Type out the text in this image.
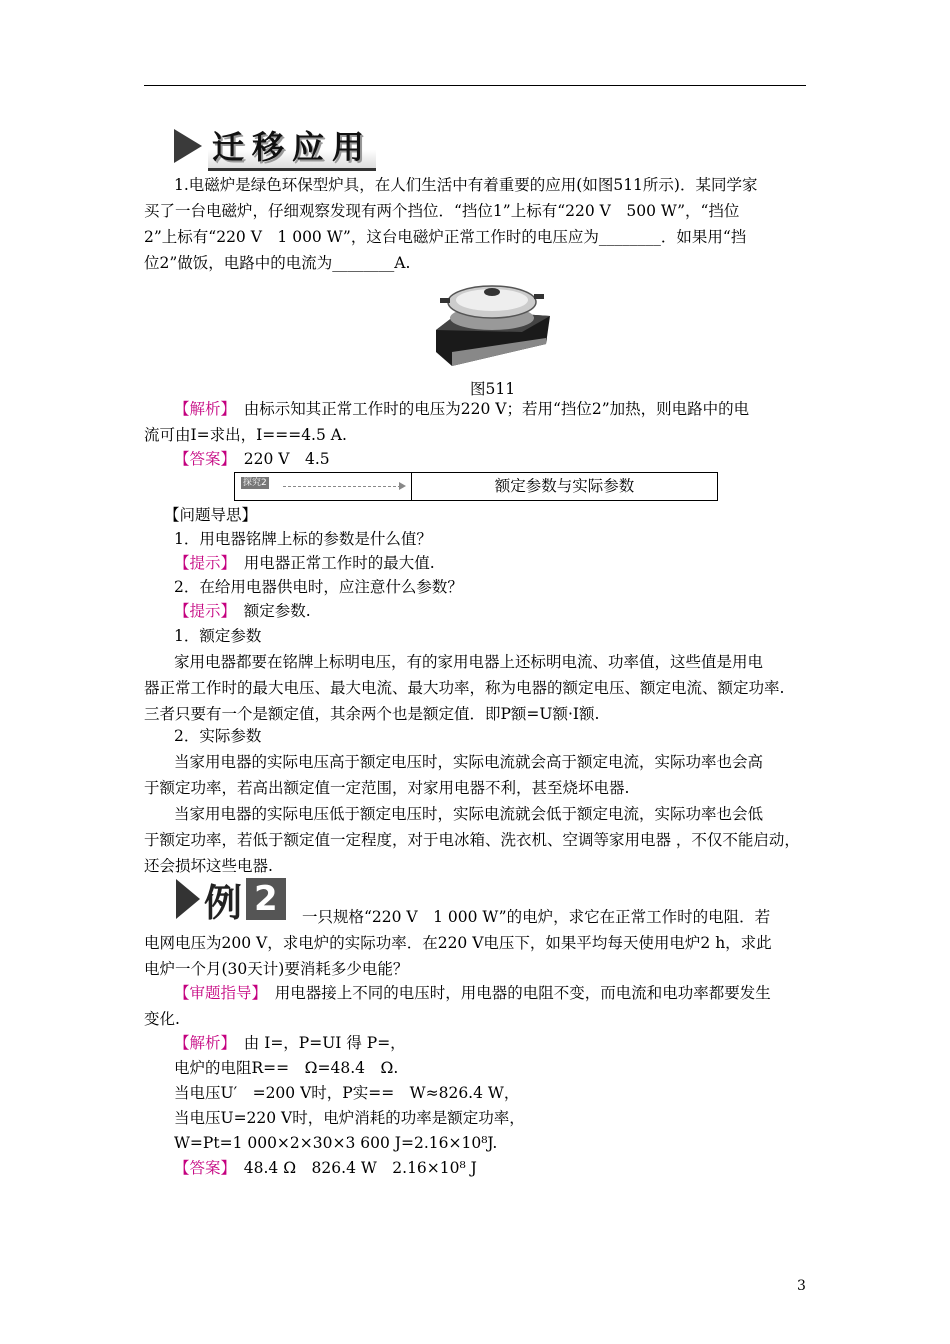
迁移应用
1.电磁炉是绿色环保型炉具，在人们生活中有着重要的应用(如图511所示)．某同学家
买了一台电磁炉，仔细观察发现有两个挡位．“挡位1”上标有“220 V　500 W”，“挡位
2”上标有“220 V　1 000 W”，这台电磁炉正常工作时的电压应为________．如果用“挡
位2”做饭，电路中的电流为________A.
图511
【解析】　由标示知其正常工作时的电压为220 V；若用“挡位2”加热，则电路中的电
流可由I=求出，I===4.5 A.
【答案】　220 V　4.5
探究2	额定参数与实际参数
【问题导思】
1．用电器铭牌上标的参数是什么值？
【提示】　用电器正常工作时的最大值.
2．在给用电器供电时，应注意什么参数？
【提示】　额定参数.
1．额定参数
家用电器都要在铭牌上标明电压，有的家用电器上还标明电流、功率值，这些值是用电
器正常工作时的最大电压、最大电流、最大功率，称为电器的额定电压、额定电流、额定功率.
三者只要有一个是额定值，其余两个也是额定值．即P额=U额·I额.
2．实际参数
当家用电器的实际电压高于额定电压时，实际电流就会高于额定电流，实际功率也会高
于额定功率，若高出额定值一定范围，对家用电器不利，甚至烧坏电器.
当家用电器的实际电压低于额定电压时，实际电流就会低于额定电流，实际功率也会低
于额定功率，若低于额定值一定程度，对于电冰箱、洗衣机、空调等家用电器 ，不仅不能启动，
还会损坏这些电器.
例 2	一只规格“220 V　1 000 W”的电炉，求它在正常工作时的电阻．若
电网电压为200 V，求电炉的实际功率．在220 V电压下，如果平均每天使用电炉2 h，求此
电炉一个月(30天计)要消耗多少电能？
【审题指导】　用电器接上不同的电压时，用电器的电阻不变，而电流和电功率都要发生
变化.
【解析】　由 I=，P=UI 得 P=，
电炉的电阻R==　Ω=48.4　Ω.
当电压U′　=200 V时，P实==　W≈826.4 W，
当电压U=220 V时，电炉消耗的功率是额定功率，
W=Pt=1 000×2×30×3 600 J=2.16×10⁸J.
【答案】　48.4 Ω　826.4 W　2.16×10⁸ J
3
